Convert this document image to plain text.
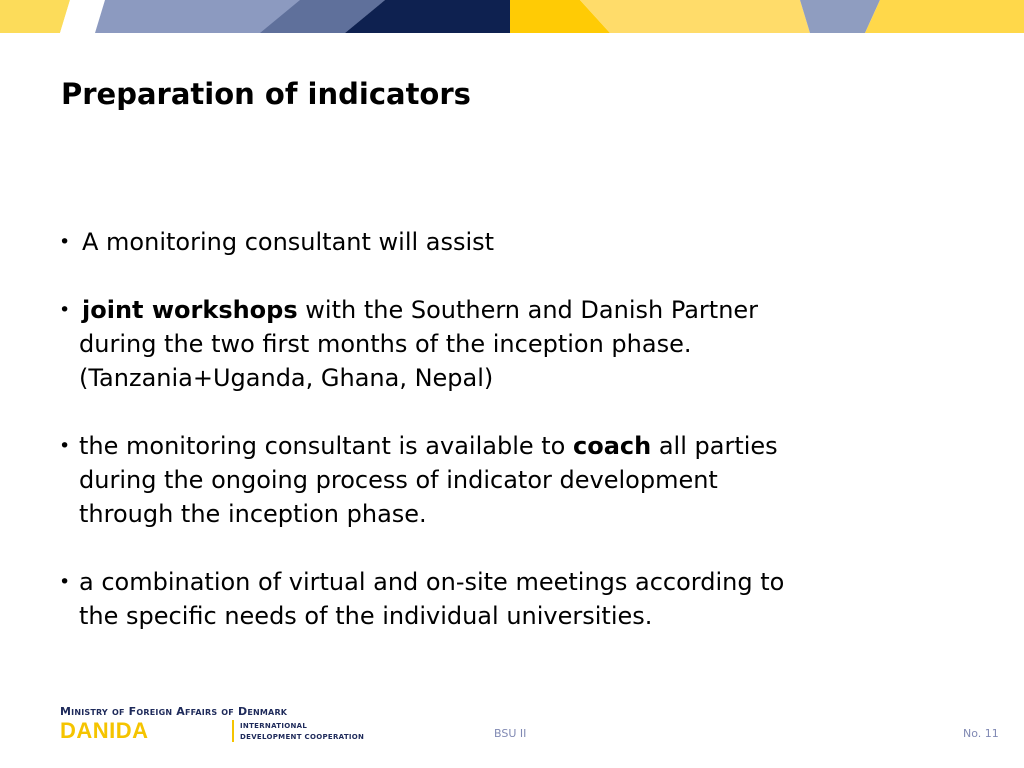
Preparation of indicators
• A monitoring consultant will assist
• joint workshops with the Southern and Danish Partner
during the two first months of the inception phase.
(Tanzania+Uganda, Ghana, Nepal)
• the monitoring consultant is available to coach all parties
during the ongoing process of indicator development
through the inception phase.
• a combination of virtual and on-site meetings according to
the specific needs of the individual universities.
Ministry of Foreign Affairs of Denmark
DANIDA	INTERNATIONAL
DEVELOPMENT COOPERATION	BSU II	No. 11
